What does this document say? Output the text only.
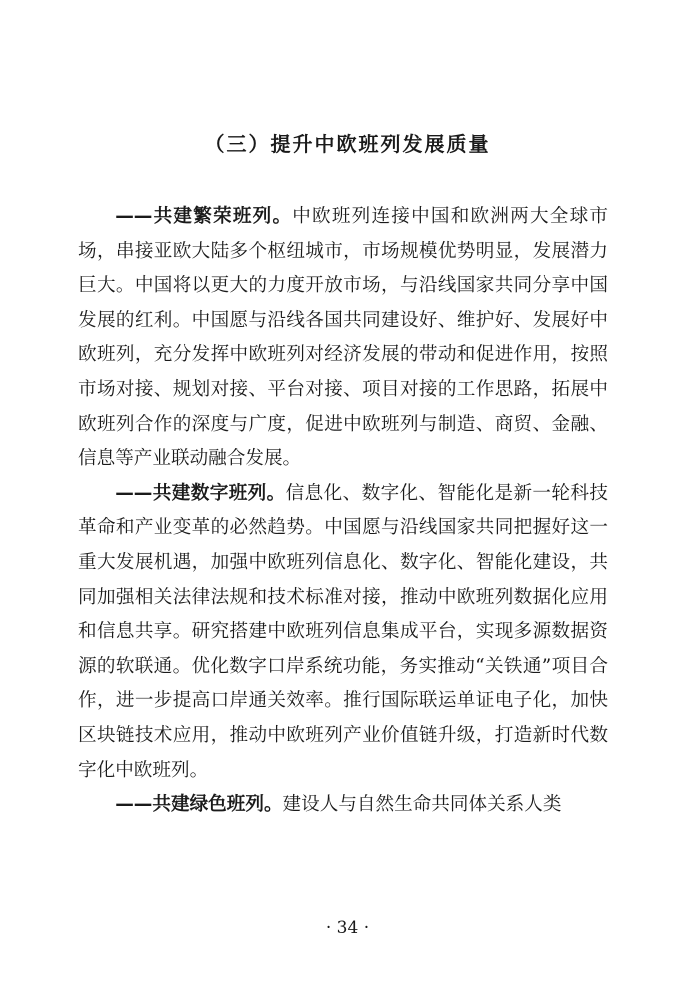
（三）提升中欧班列发展质量

——共建繁荣班列。中欧班列连接中国和欧洲两大全球市场，串接亚欧大陆多个枢纽城市，市场规模优势明显，发展潜力巨大。中国将以更大的力度开放市场，与沿线国家共同分享中国发展的红利。中国愿与沿线各国共同建设好、维护好、发展好中欧班列，充分发挥中欧班列对经济发展的带动和促进作用，按照市场对接、规划对接、平台对接、项目对接的工作思路，拓展中欧班列合作的深度与广度，促进中欧班列与制造、商贸、金融、信息等产业联动融合发展。

——共建数字班列。信息化、数字化、智能化是新一轮科技革命和产业变革的必然趋势。中国愿与沿线国家共同把握好这一重大发展机遇，加强中欧班列信息化、数字化、智能化建设，共同加强相关法律法规和技术标准对接，推动中欧班列数据化应用和信息共享。研究搭建中欧班列信息集成平台，实现多源数据资源的软联通。优化数字口岸系统功能，务实推动“关铁通”项目合作，进一步提高口岸通关效率。推行国际联运单证电子化，加快区块链技术应用，推动中欧班列产业价值链升级，打造新时代数字化中欧班列。

——共建绿色班列。建设人与自然生命共同体关系人类

· 34 ·
